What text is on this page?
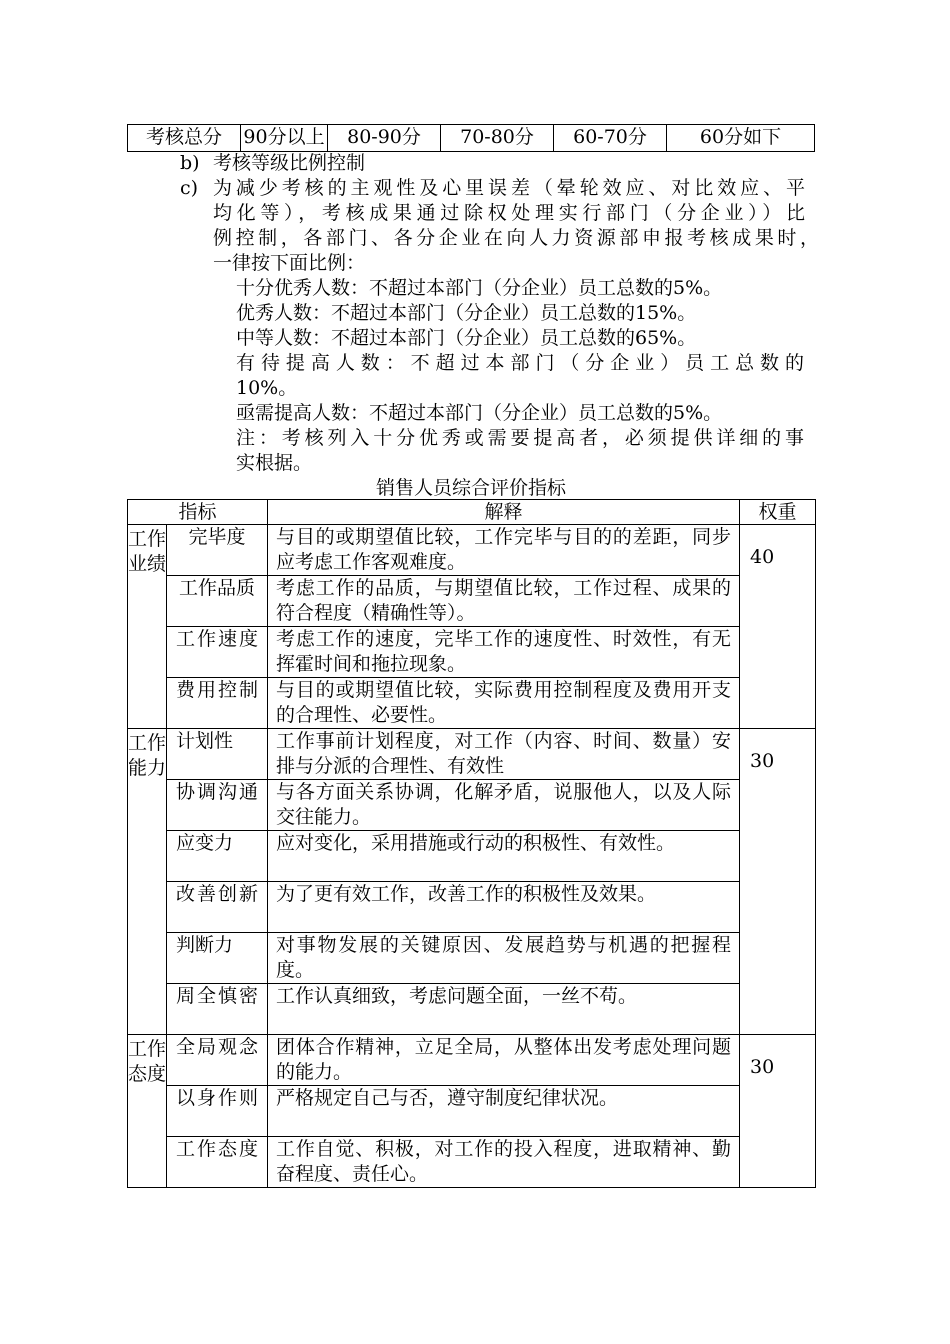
考核总分	90分以上	80-90分	70-80分	60-70分	60分如下
b) 考核等级比例控制
c) 为减少考核的主观性及心里误差（晕轮效应、对比效应、平
均化等），考核成果通过除权处理实行部门（分企业））比
例控制，各部门、各分企业在向人力资源部申报考核成果时，
一律按下面比例：
十分优秀人数：不超过本部门（分企业）员工总数的5%。
优秀人数：不超过本部门（分企业）员工总数的15%。
中等人数：不超过本部门（分企业）员工总数的65%。
有待提高人数：不超过本部门（分企业）员工总数的
10%。
亟需提高人数：不超过本部门（分企业）员工总数的5%。
注：考核列入十分优秀或需要提高者，必须提供详细的事
实根据。
销售人员综合评价指标
指标		解释	权重
工作业绩	完毕度	与目的或期望值比较，工作完毕与目的的差距，同步应考虑工作客观难度。	40
	工作品质	考虑工作的品质，与期望值比较，工作过程、成果的符合程度（精确性等）。	
	工作速度	考虑工作的速度，完毕工作的速度性、时效性，有无挥霍时间和拖拉现象。	
	费用控制	与目的或期望值比较，实际费用控制程度及费用开支的合理性、必要性。	
工作能力	计划性	工作事前计划程度，对工作（内容、时间、数量）安排与分派的合理性、有效性	30
	协调沟通	与各方面关系协调，化解矛盾，说服他人，以及人际交往能力。	
	应变力	应对变化，采用措施或行动的积极性、有效性。	
	改善创新	为了更有效工作，改善工作的积极性及效果。	
	判断力	对事物发展的关键原因、发展趋势与机遇的把握程度。	
	周全慎密	工作认真细致，考虑问题全面，一丝不苟。	
工作态度	全局观念	团体合作精神，立足全局，从整体出发考虑处理问题的能力。	30
	以身作则	严格规定自己与否，遵守制度纪律状况。	
	工作态度	工作自觉、积极，对工作的投入程度，进取精神、勤奋程度、责任心。	
